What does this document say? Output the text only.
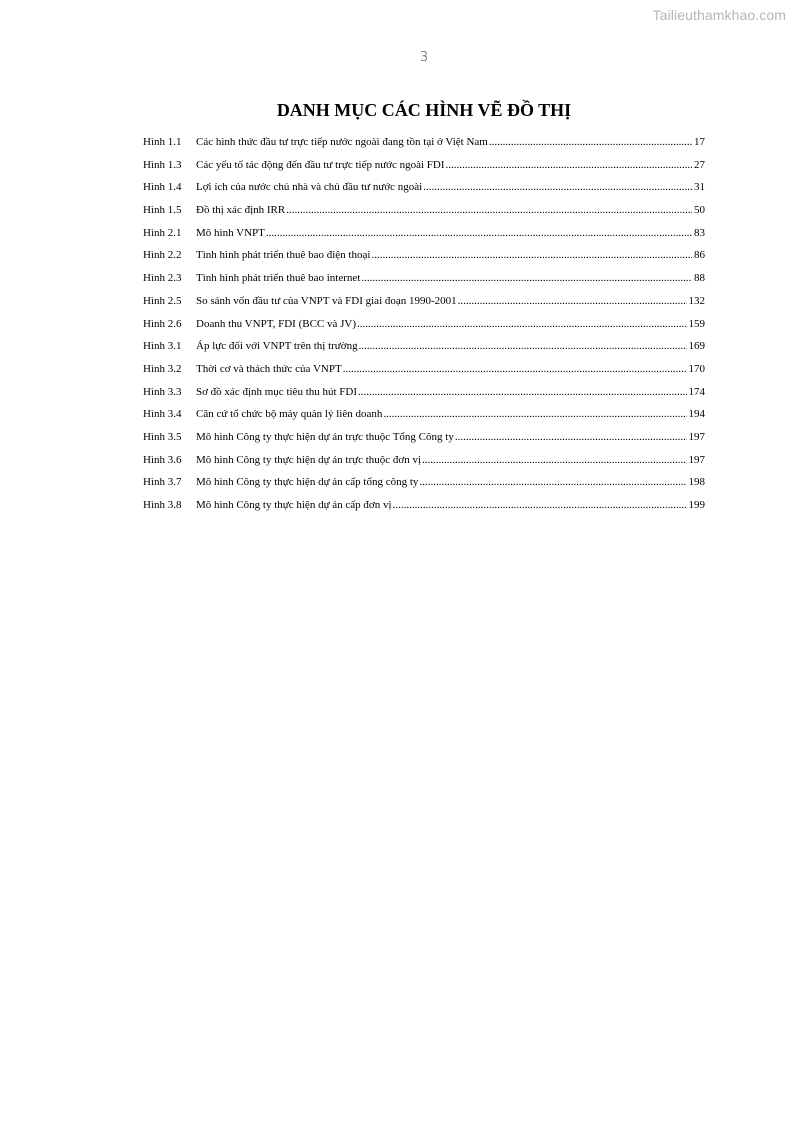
Tailieuthamkhao.com
3
DANH MỤC CÁC HÌNH VẼ ĐỒ THỊ
Hình 1.1	Các hình thức đầu tư trực tiếp nước ngoài đang tồn tại ở Việt Nam .....	17
Hình 1.3	Các yếu tố tác động đến đầu tư trực tiếp nước ngoài FDI .....	27
Hình 1.4	Lợi ích của nước chủ nhà và chủ đầu tư nước ngoài .....	31
Hình 1.5	Đồ thị xác định IRR .....	50
Hình 2.1	Mô hình VNPT .....	83
Hình 2.2	Tình hình phát triển thuê bao điện thoại .....	86
Hình 2.3	Tình hình phát triển thuê bao internet .....	88
Hình 2.5	So sánh vốn đầu tư của VNPT và FDI giai đoạn 1990-2001 .....	132
Hình 2.6	Doanh thu VNPT, FDI (BCC và JV) .....	159
Hình 3.1	Áp lực đối với VNPT trên thị trường .....	169
Hình 3.2	Thời cơ và thách thức của VNPT .....	170
Hình 3.3	Sơ đồ xác định mục tiêu thu hút FDI .....	174
Hình 3.4	Căn cứ tổ chức bộ máy quản lý liên doanh .....	194
Hình 3.5	Mô hình Công ty thực hiện dự án trực thuộc Tổng Công ty .....	197
Hình 3.6	Mô hình Công ty thực hiện dự án trực thuộc đơn vị .....	197
Hình 3.7	Mô hình Công ty thực hiện dự án cấp tổng công ty .....	198
Hình 3.8	Mô hình Công ty thực hiện dự án cấp đơn vị .....	199
